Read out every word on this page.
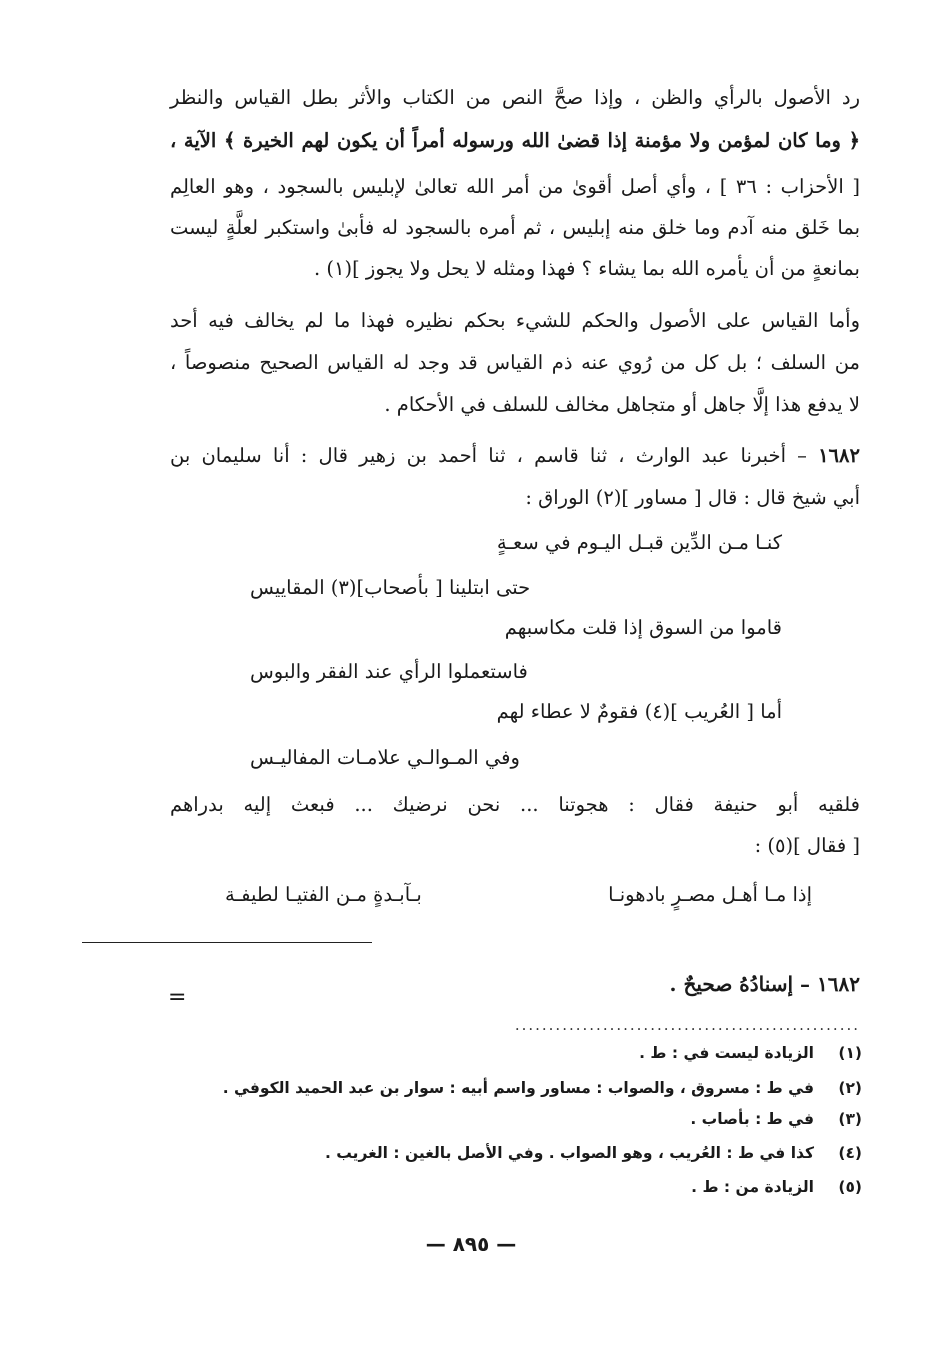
رد الأصول بالرأي والظن ، وإذا صحَّ النص من الكتاب والأثر بطل القياس والنظر
﴿ وما كان لمؤمن ولا مؤمنة إذا قضىٰ الله ورسوله أمراً أن يكون لهم الخيرة ﴾ الآية ،
[ الأحزاب : ٣٦ ] ، وأي أصل أقوىٰ من أمر الله تعالىٰ لإبليس بالسجود ، وهو العالِم
بما خَلق منه آدم وما خلق منه إبليس ، ثم أمره بالسجود له فأبىٰ واستكبر لعلَّةٍ ليست
بمانعةٍ من أن يأمره الله بما يشاء ؟ فهذا ومثله لا يحل ولا يجوز ](١) .
وأما القياس على الأصول والحكم للشيء بحكم نظيره فهذا ما لم يخالف فيه أحد
من السلف ؛ بل كل من رُوي عنه ذم القياس قد وجد له القياس الصحيح منصوصاً ،
لا يدفع هذا إلَّا جاهل أو متجاهل مخالف للسلف في الأحكام .
١٦٨٢ – أخبرنا عبد الوارث ، ثنا قاسم ، ثنا أحمد بن زهير قال : أنا سليمان بن
أبي شيخ قال : قال [ مساور ](٢) الوراق :
كنـا مـن الدِّين قبـل اليـوم في سعـةٍ
حتى ابتلينا [ بأصحاب](٣) المقاييس
قاموا من السوق إذا قلت مكاسبهم
فاستعملوا الرأي عند الفقر والبوس
أما [ العُريب ](٤) فقومٌ لا عطاء لهم
وفي المـوالـي علامـات المفاليـس
فلقيه أبو حنيفة فقال : هجوتنا ... نحن نرضيك ... فبعث إليه بدراهم
[ فقال ](٥) :
إذا مـا أهـل مصـرٍ بادهونـا
بـآبـدةٍ مـن الفتيـا لطيفـة
١٦٨٢ – إسنادُهُ صحيحٌ .
=
...................................................
(١)الزيادة ليست في : ط .
(٢)في ط : مسروق ، والصواب : مساور واسم أبيه : سوار بن عبد الحميد الكوفي .
(٣)في ط : بأصاب .
(٤)كذا في ط : العُريب ، وهو الصواب . وفي الأصل بالغين : الغريب .
(٥)الزيادة من : ط .
— ٨٩٥ —
